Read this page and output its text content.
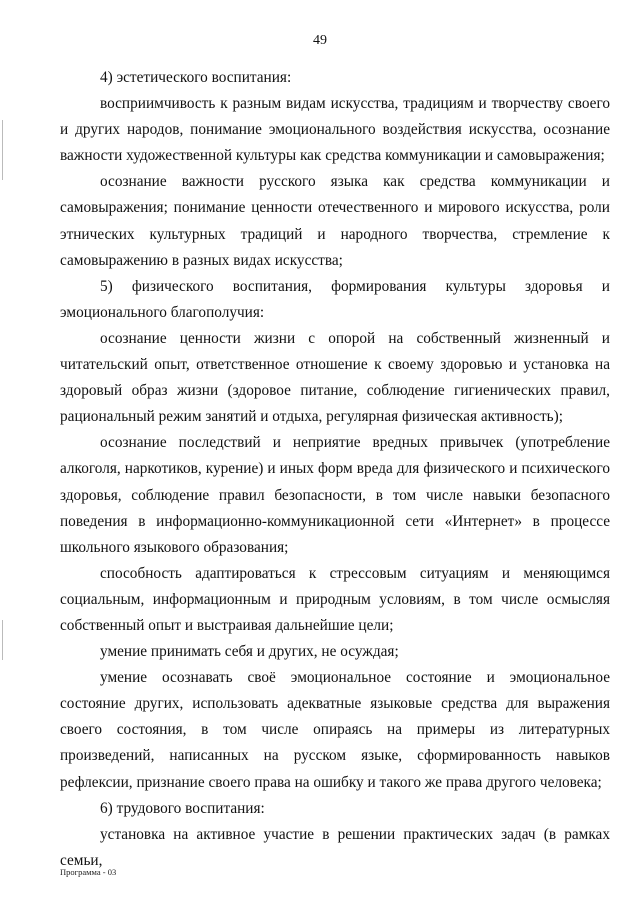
49

4) эстетического воспитания:

восприимчивость к разным видам искусства, традициям и творчеству своего и других народов, понимание эмоционального воздействия искусства, осознание важности художественной культуры как средства коммуникации и самовыражения;

осознание важности русского языка как средства коммуникации и самовыражения; понимание ценности отечественного и мирового искусства, роли этнических культурных традиций и народного творчества, стремление к самовыражению в разных видах искусства;

5) физического воспитания, формирования культуры здоровья и эмоционального благополучия:

осознание ценности жизни с опорой на собственный жизненный и читательский опыт, ответственное отношение к своему здоровью и установка на здоровый образ жизни (здоровое питание, соблюдение гигиенических правил, рациональный режим занятий и отдыха, регулярная физическая активность);

осознание последствий и неприятие вредных привычек (употребление алкоголя, наркотиков, курение) и иных форм вреда для физического и психического здоровья, соблюдение правил безопасности, в том числе навыки безопасного поведения в информационно-коммуникационной сети «Интернет» в процессе школьного языкового образования;

способность адаптироваться к стрессовым ситуациям и меняющимся социальным, информационным и природным условиям, в том числе осмысляя собственный опыт и выстраивая дальнейшие цели;

умение принимать себя и других, не осуждая;

умение осознавать своё эмоциональное состояние и эмоциональное состояние других, использовать адекватные языковые средства для выражения своего состояния, в том числе опираясь на примеры из литературных произведений, написанных на русском языке, сформированность навыков рефлексии, признание своего права на ошибку и такого же права другого человека;

6) трудового воспитания:

установка на активное участие в решении практических задач (в рамках семьи,

Программа - 03
